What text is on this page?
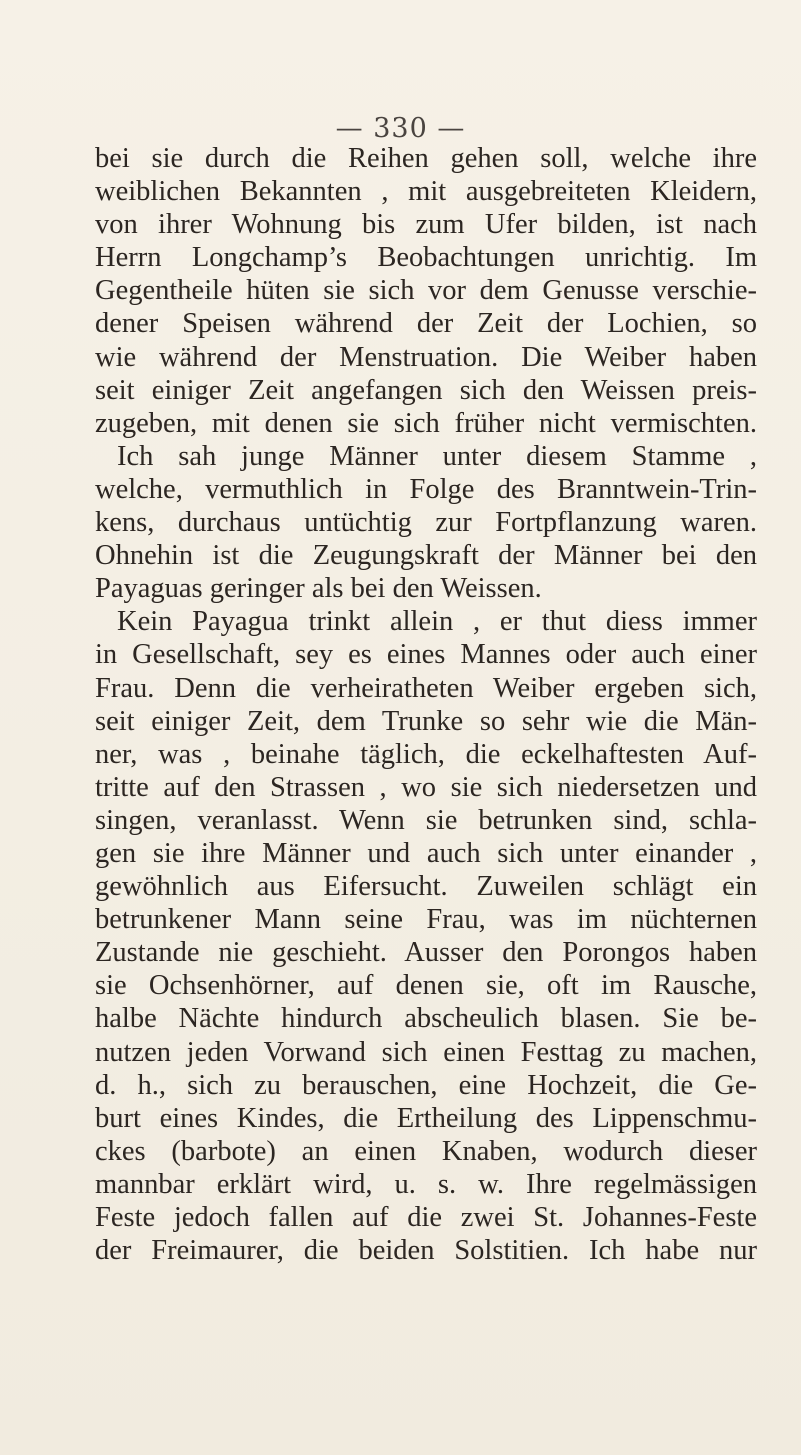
— 330 —
bei sie durch die Reihen gehen soll, welche ihre
weiblichen Bekannten , mit ausgebreiteten Kleidern,
von ihrer Wohnung bis zum Ufer bilden, ist nach
Herrn Longchamp’s Beobachtungen unrichtig. Im
Gegentheile hüten sie sich vor dem Genusse verschie-
dener Speisen während der Zeit der Lochien, so
wie während der Menstruation. Die Weiber haben
seit einiger Zeit angefangen sich den Weissen preis-
zugeben, mit denen sie sich früher nicht vermischten.
Ich sah junge Männer unter diesem Stamme ,
welche, vermuthlich in Folge des Branntwein-Trin-
kens, durchaus untüchtig zur Fortpflanzung waren.
Ohnehin ist die Zeugungskraft der Männer bei den
Payaguas geringer als bei den Weissen.
Kein Payagua trinkt allein , er thut diess immer
in Gesellschaft, sey es eines Mannes oder auch einer
Frau. Denn die verheiratheten Weiber ergeben sich,
seit einiger Zeit, dem Trunke so sehr wie die Män-
ner, was , beinahe täglich, die eckelhaftesten Auf-
tritte auf den Strassen , wo sie sich niedersetzen und
singen, veranlasst. Wenn sie betrunken sind, schla-
gen sie ihre Männer und auch sich unter einander ,
gewöhnlich aus Eifersucht. Zuweilen schlägt ein
betrunkener Mann seine Frau, was im nüchternen
Zustande nie geschieht. Ausser den Porongos haben
sie Ochsenhörner, auf denen sie, oft im Rausche,
halbe Nächte hindurch abscheulich blasen. Sie be-
nutzen jeden Vorwand sich einen Festtag zu machen,
d. h., sich zu berauschen, eine Hochzeit, die Ge-
burt eines Kindes, die Ertheilung des Lippenschmu-
ckes (barbote) an einen Knaben, wodurch dieser
mannbar erklärt wird, u. s. w. Ihre regelmässigen
Feste jedoch fallen auf die zwei St. Johannes-Feste
der Freimaurer, die beiden Solstitien. Ich habe nur
